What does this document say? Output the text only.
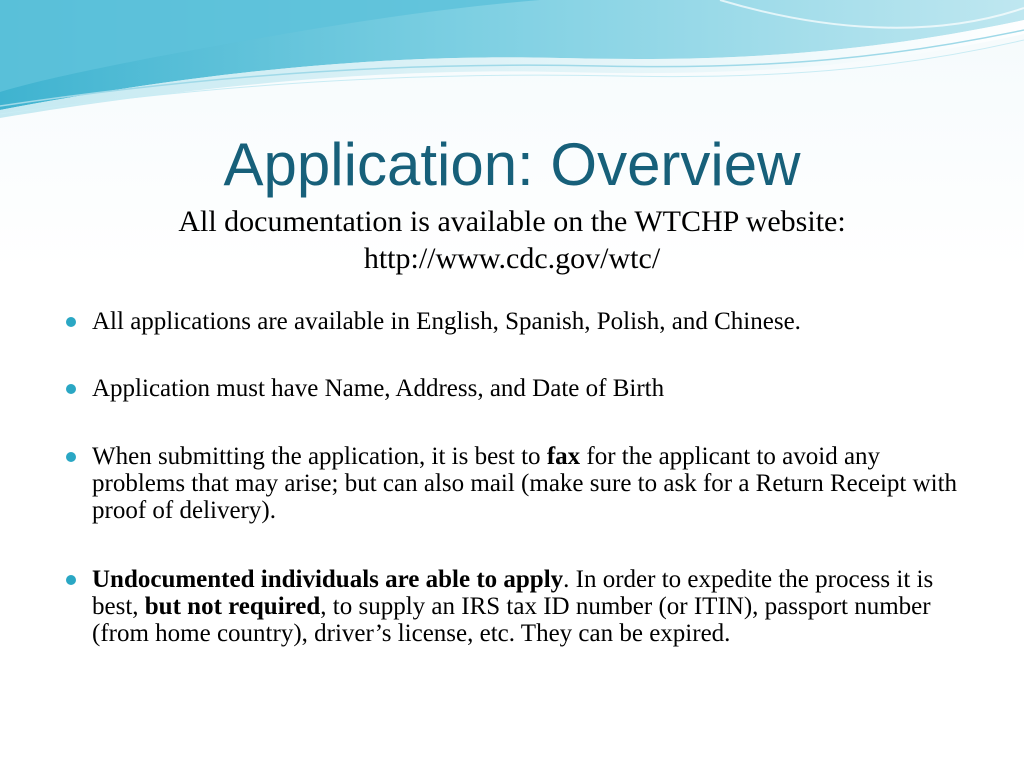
Application: Overview
All documentation is available on the WTCHP website:
http://www.cdc.gov/wtc/
All applications are available in English, Spanish, Polish, and Chinese.
Application must have Name, Address, and Date of Birth
When submitting the application, it is best to fax for the applicant to avoid any problems that may arise; but can also mail (make sure to ask for a Return Receipt with proof of delivery).
Undocumented individuals are able to apply. In order to expedite the process it is best, but not required, to supply an IRS tax ID number (or ITIN), passport number (from home country), driver’s license, etc. They can be expired.
